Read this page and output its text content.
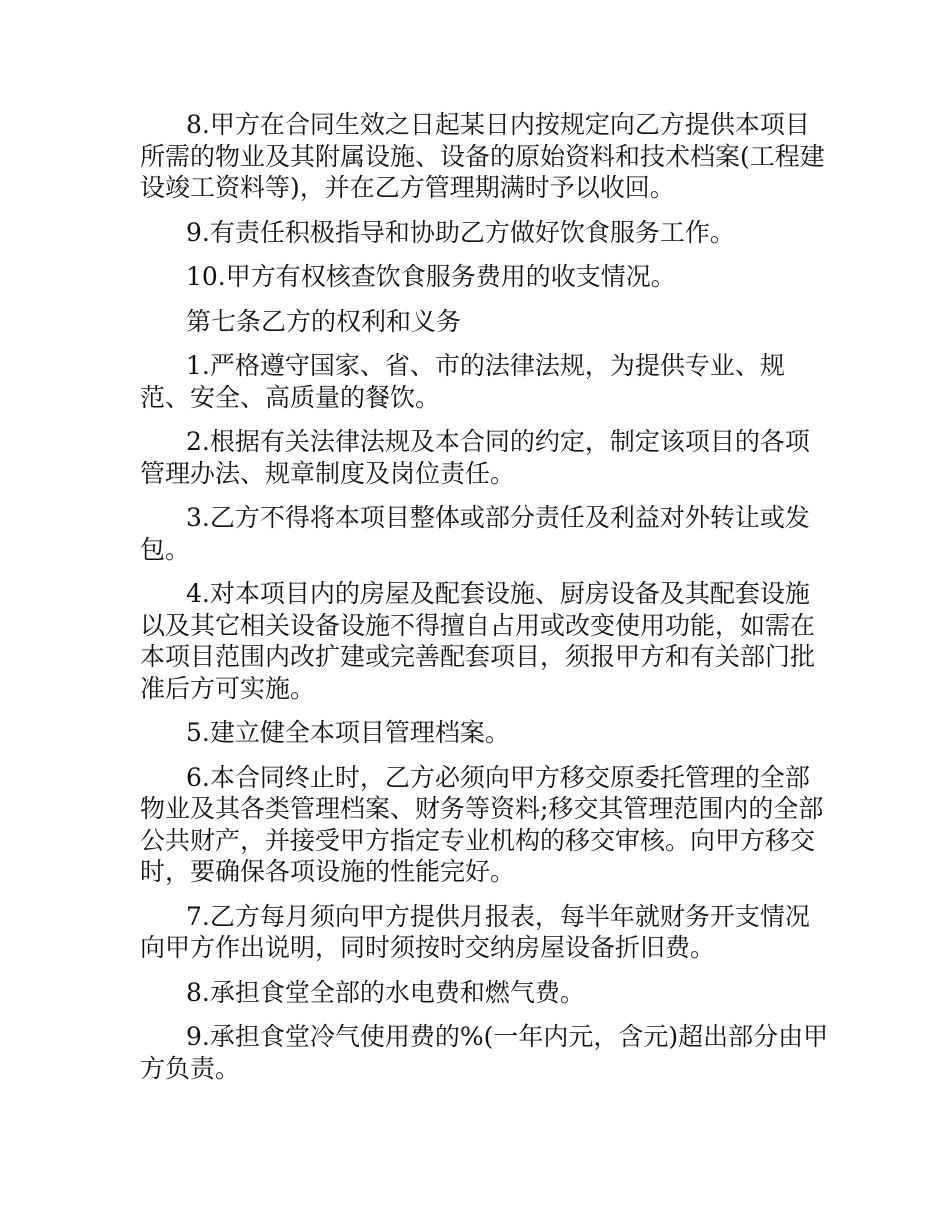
8.甲方在合同生效之日起某日内按规定向乙方提供本项目所需的物业及其附属设施、设备的原始资料和技术档案(工程建设竣工资料等)，并在乙方管理期满时予以收回。

9.有责任积极指导和协助乙方做好饮食服务工作。

10.甲方有权核查饮食服务费用的收支情况。

第七条乙方的权利和义务

1.严格遵守国家、省、市的法律法规，为提供专业、规范、安全、高质量的餐饮。

2.根据有关法律法规及本合同的约定，制定该项目的各项管理办法、规章制度及岗位责任。

3.乙方不得将本项目整体或部分责任及利益对外转让或发包。

4.对本项目内的房屋及配套设施、厨房设备及其配套设施以及其它相关设备设施不得擅自占用或改变使用功能，如需在本项目范围内改扩建或完善配套项目，须报甲方和有关部门批准后方可实施。

5.建立健全本项目管理档案。

6.本合同终止时，乙方必须向甲方移交原委托管理的全部物业及其各类管理档案、财务等资料;移交其管理范围内的全部公共财产，并接受甲方指定专业机构的移交审核。向甲方移交时，要确保各项设施的性能完好。

7.乙方每月须向甲方提供月报表，每半年就财务开支情况向甲方作出说明，同时须按时交纳房屋设备折旧费。

8.承担食堂全部的水电费和燃气费。

9.承担食堂冷气使用费的%(一年内元，含元)超出部分由甲方负责。
